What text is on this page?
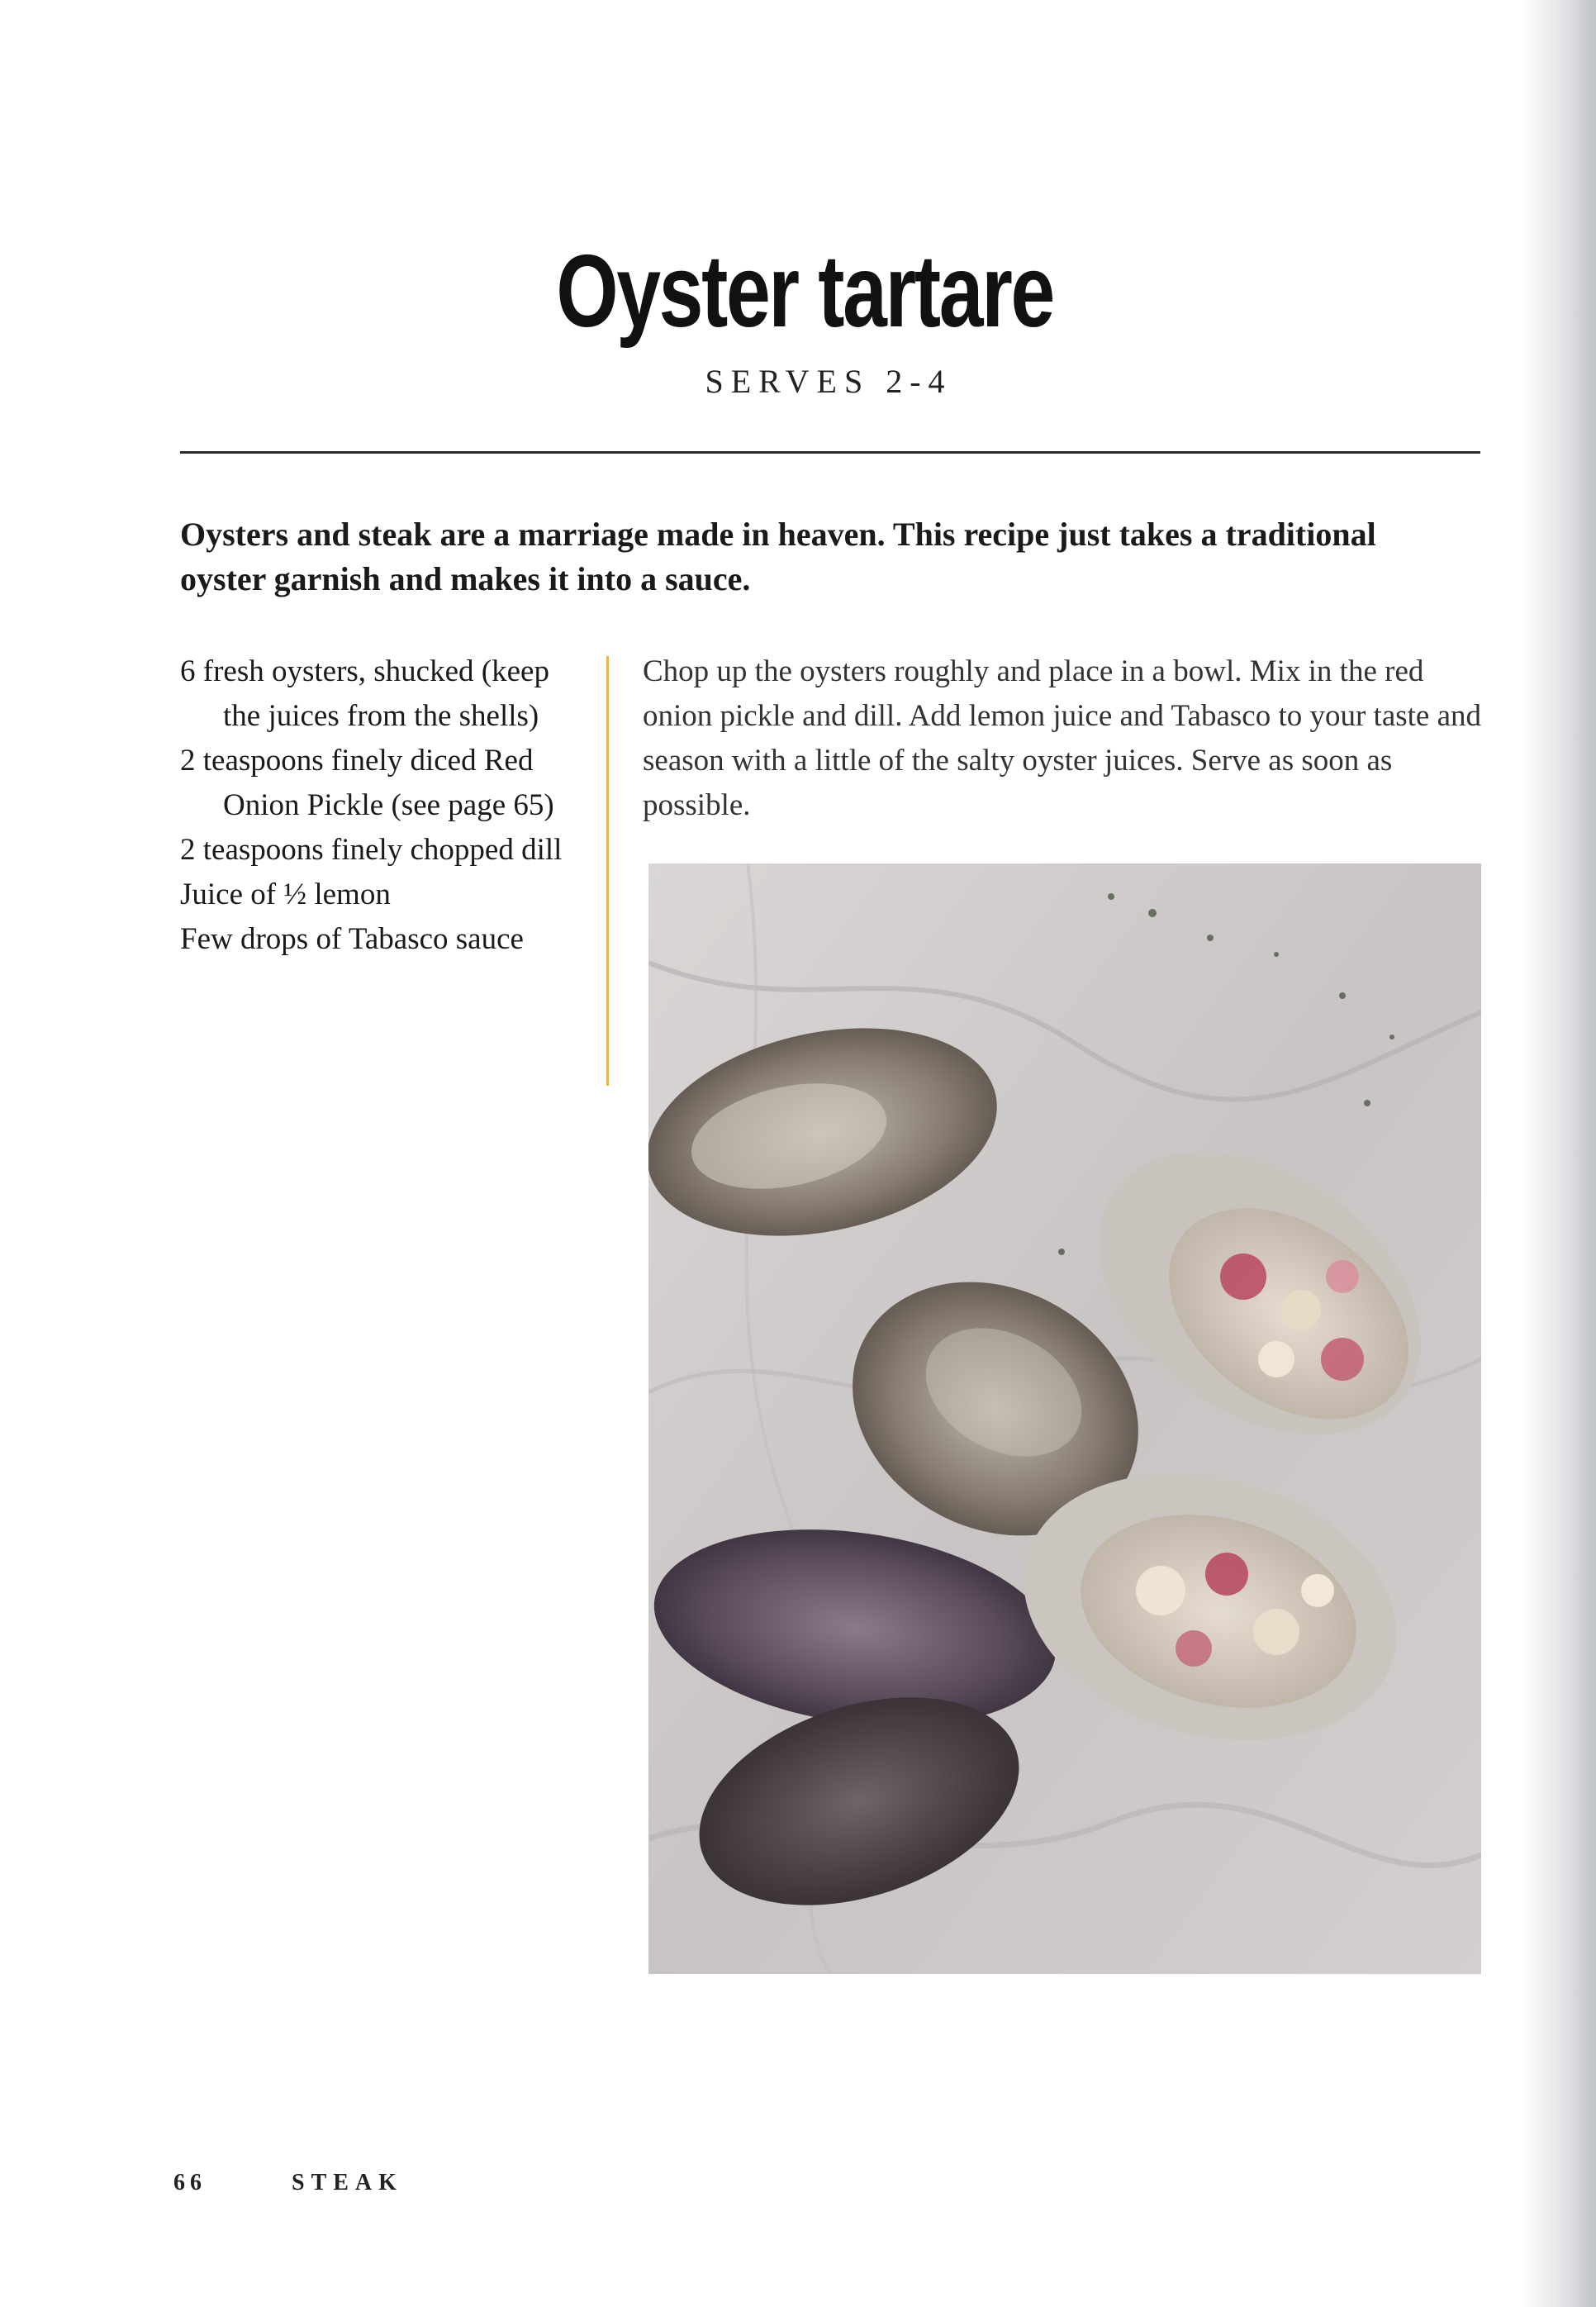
Oyster tartare
SERVES 2-4

Oysters and steak are a marriage made in heaven. This recipe just takes a traditional oyster garnish and makes it into a sauce.

6 fresh oysters, shucked (keep the juices from the shells)
2 teaspoons finely diced Red Onion Pickle (see page 65)
2 teaspoons finely chopped dill
Juice of ½ lemon
Few drops of Tabasco sauce

Chop up the oysters roughly and place in a bowl. Mix in the red onion pickle and dill. Add lemon juice and Tabasco to your taste and season with a little of the salty oyster juices. Serve as soon as possible.

66	STEAK
